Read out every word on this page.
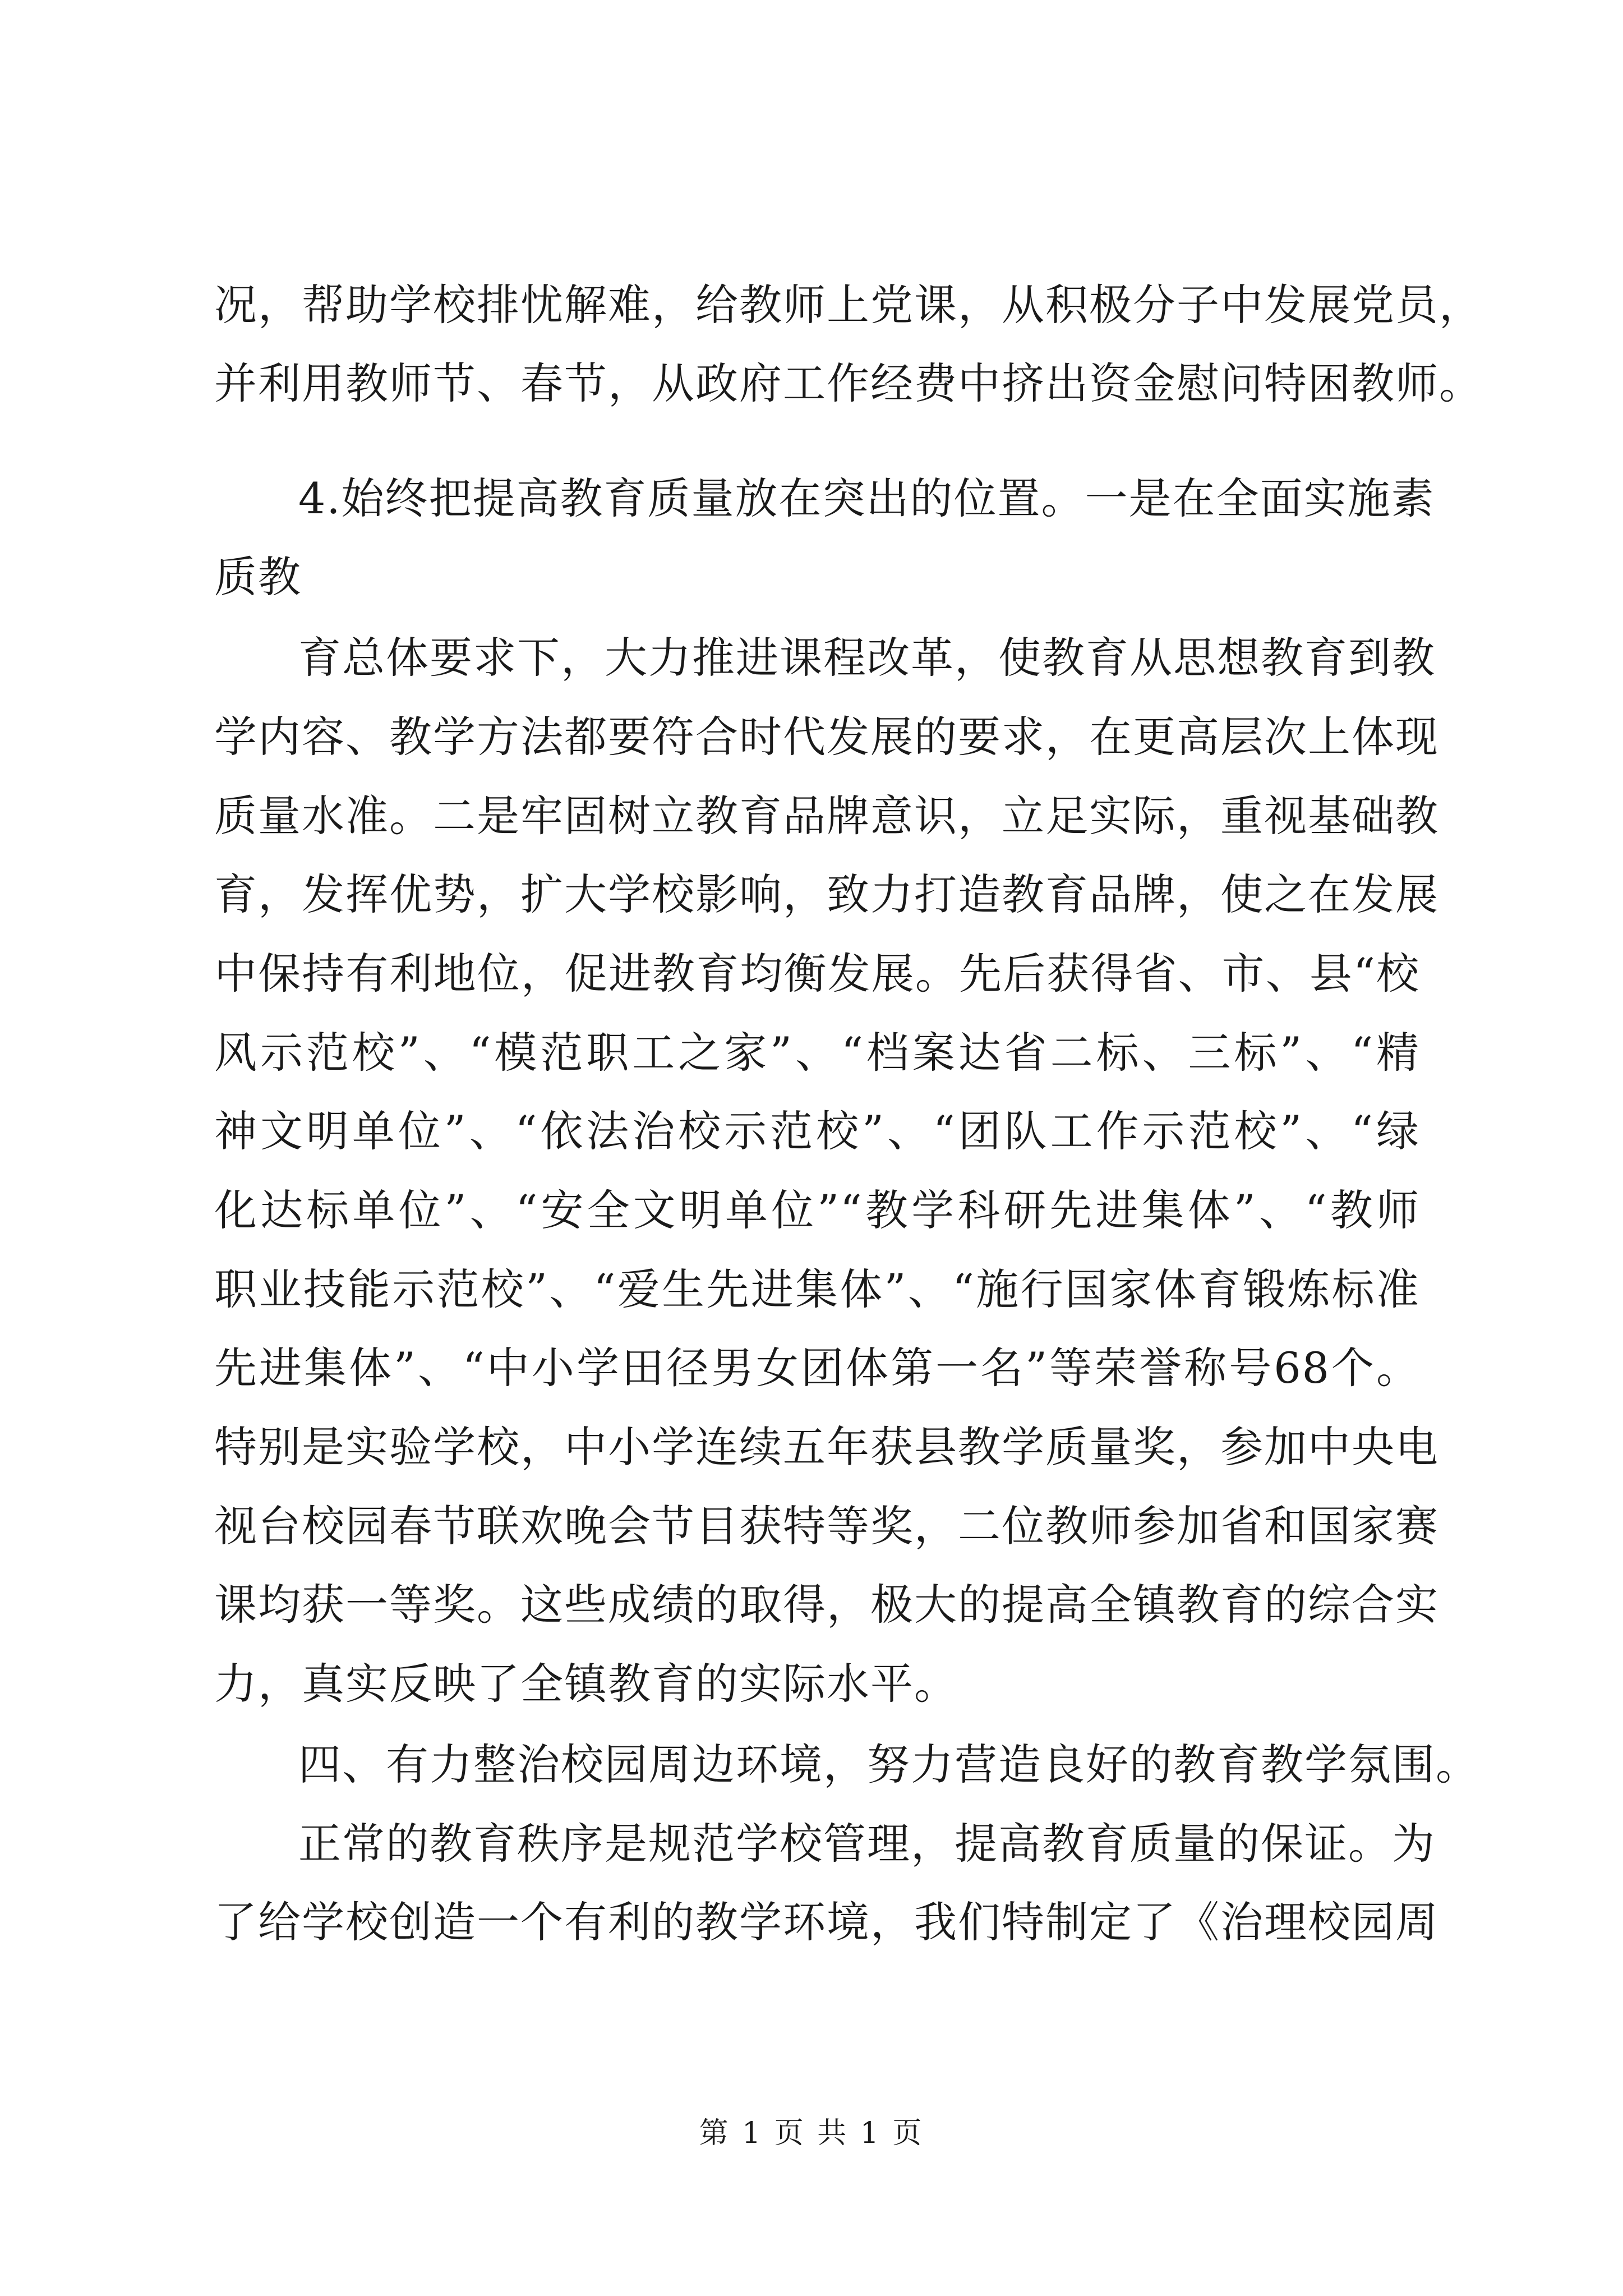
况，帮助学校排忧解难，给教师上党课，从积极分子中发展党员，
并利用教师节、春节，从政府工作经费中挤出资金慰问特困教师。
4.始终把提高教育质量放在突出的位置。一是在全面实施素
质教
育总体要求下，大力推进课程改革，使教育从思想教育到教
学内容、教学方法都要符合时代发展的要求，在更高层次上体现
质量水准。二是牢固树立教育品牌意识，立足实际，重视基础教
育，发挥优势，扩大学校影响，致力打造教育品牌，使之在发展
中保持有利地位，促进教育均衡发展。先后获得省、市、县“校
风示范校”、“模范职工之家”、“档案达省二标、三标”、“精
神文明单位”、“依法治校示范校”、“团队工作示范校”、“绿
化达标单位”、“安全文明单位”“教学科研先进集体”、“教师
职业技能示范校”、“爱生先进集体”、“施行国家体育锻炼标准
先进集体”、“中小学田径男女团体第一名”等荣誉称号68个。
特别是实验学校，中小学连续五年获县教学质量奖，参加中央电
视台校园春节联欢晚会节目获特等奖，二位教师参加省和国家赛
课均获一等奖。这些成绩的取得，极大的提高全镇教育的综合实
力，真实反映了全镇教育的实际水平。
四、有力整治校园周边环境，努力营造良好的教育教学氛围。
正常的教育秩序是规范学校管理，提高教育质量的保证。为
了给学校创造一个有利的教学环境，我们特制定了《治理校园周
第 1 页 共 1 页
